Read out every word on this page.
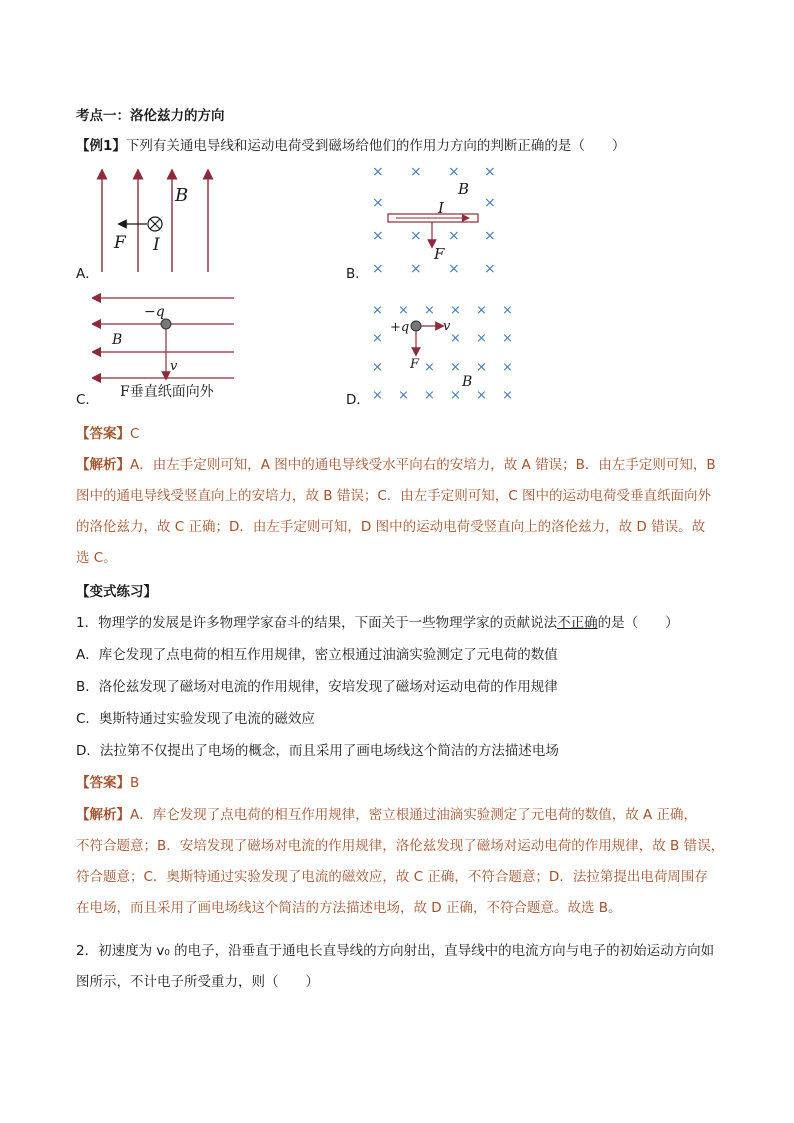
考点一：洛伦兹力的方向
【例1】下列有关通电导线和运动电荷受到磁场给他们的作用力方向的判断正确的是（　　）
A．
B
F I
B．
× × × ×
×	×
× × × ×
× × × ×
B
I
F
C．
−q
B
v
F垂直纸面向外	D．
× × × × × ×
× × ×
×
×	× × × ×
× × × × × ×
+q	v
F
B
【答案】C
【解析】A．由左手定则可知，A 图中的通电导线受水平向右的安培力，故 A 错误；B．由左手定则可知，B
图中的通电导线受竖直向上的安培力，故 B 错误；C．由左手定则可知，C 图中的运动电荷受垂直纸面向外
的洛伦兹力，故 C 正确；D．由左手定则可知，D 图中的运动电荷受竖直向上的洛伦兹力，故 D 错误。故
选 C。
【变式练习】
1．物理学的发展是许多物理学家奋斗的结果，下面关于一些物理学家的贡献说法不正确的是（　　）
A．库仑发现了点电荷的相互作用规律，密立根通过油滴实验测定了元电荷的数值
B．洛伦兹发现了磁场对电流的作用规律，安培发现了磁场对运动电荷的作用规律
C．奥斯特通过实验发现了电流的磁效应
D．法拉第不仅提出了电场的概念，而且采用了画电场线这个简洁的方法描述电场
【答案】B
【解析】A．库仑发现了点电荷的相互作用规律，密立根通过油滴实验测定了元电荷的数值，故 A 正确，
不符合题意；B．安培发现了磁场对电流的作用规律，洛伦兹发现了磁场对运动电荷的作用规律，故 B 错误，
符合题意；C．奥斯特通过实验发现了电流的磁效应，故 C 正确，不符合题意；D．法拉第提出电荷周围存
在电场，而且采用了画电场线这个简洁的方法描述电场，故 D 正确，不符合题意。故选 B。
2．初速度为 v₀ 的电子，沿垂直于通电长直导线的方向射出，直导线中的电流方向与电子的初始运动方向如
图所示，不计电子所受重力，则（　　）
